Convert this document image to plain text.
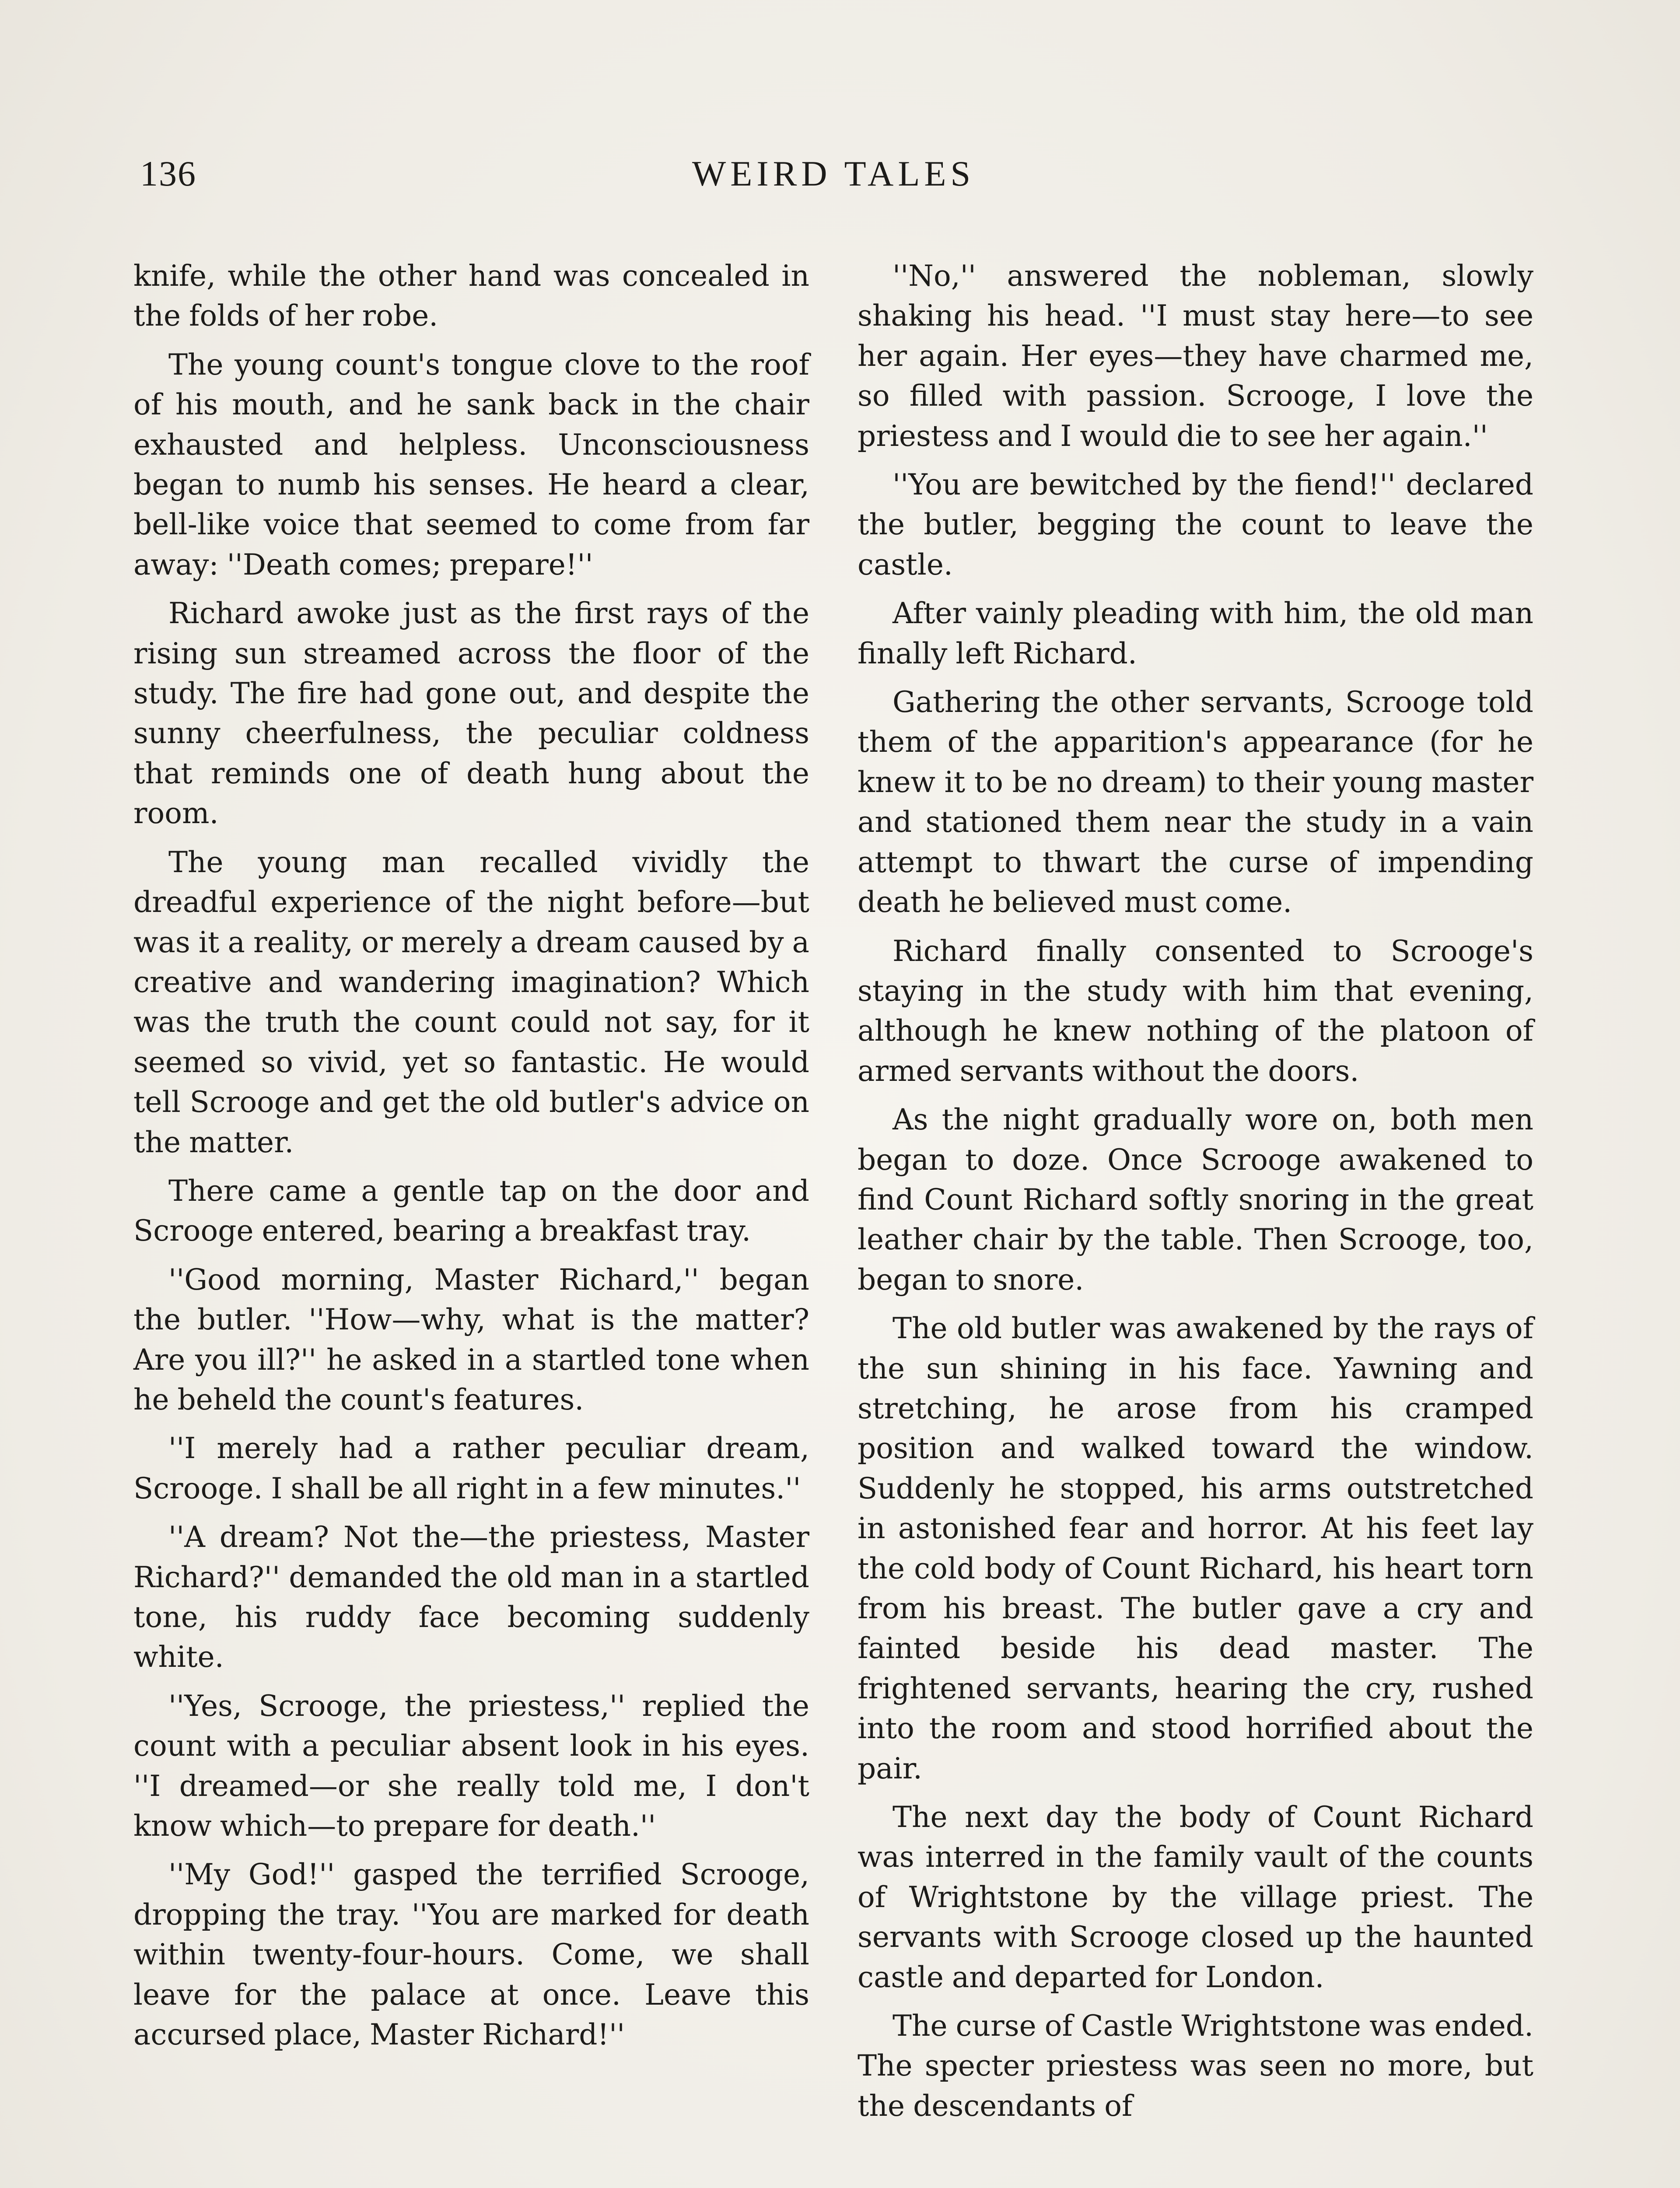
136	WEIRD TALES

knife, while the other hand was concealed in the folds of her robe.

The young count's tongue clove to the roof of his mouth, and he sank back in the chair exhausted and helpless. Unconsciousness began to numb his senses. He heard a clear, bell-like voice that seemed to come from far away: ''Death comes; prepare!''

Richard awoke just as the first rays of the rising sun streamed across the floor of the study. The fire had gone out, and despite the sunny cheerfulness, the peculiar coldness that reminds one of death hung about the room.

The young man recalled vividly the dreadful experience of the night before—but was it a reality, or merely a dream caused by a creative and wandering imagination? Which was the truth the count could not say, for it seemed so vivid, yet so fantastic. He would tell Scrooge and get the old butler's advice on the matter.

There came a gentle tap on the door and Scrooge entered, bearing a breakfast tray.

''Good morning, Master Richard,'' began the butler. ''How—why, what is the matter? Are you ill?'' he asked in a startled tone when he beheld the count's features.

''I merely had a rather peculiar dream, Scrooge. I shall be all right in a few minutes.''

''A dream? Not the—the priestess, Master Richard?'' demanded the old man in a startled tone, his ruddy face becoming suddenly white.

''Yes, Scrooge, the priestess,'' replied the count with a peculiar absent look in his eyes. ''I dreamed—or she really told me, I don't know which—to prepare for death.''

''My God!'' gasped the terrified Scrooge, dropping the tray. ''You are marked for death within twenty-four-hours. Come, we shall leave for the palace at once. Leave this accursed place, Master Richard!''

''No,'' answered the nobleman, slowly shaking his head. ''I must stay here—to see her again. Her eyes—they have charmed me, so filled with passion. Scrooge, I love the priestess and I would die to see her again.''

''You are bewitched by the fiend!'' declared the butler, begging the count to leave the castle.

After vainly pleading with him, the old man finally left Richard.

Gathering the other servants, Scrooge told them of the apparition's appearance (for he knew it to be no dream) to their young master and stationed them near the study in a vain attempt to thwart the curse of impending death he believed must come.

Richard finally consented to Scrooge's staying in the study with him that evening, although he knew nothing of the platoon of armed servants without the doors.

As the night gradually wore on, both men began to doze. Once Scrooge awakened to find Count Richard softly snoring in the great leather chair by the table. Then Scrooge, too, began to snore.

The old butler was awakened by the rays of the sun shining in his face. Yawning and stretching, he arose from his cramped position and walked toward the window. Suddenly he stopped, his arms outstretched in astonished fear and horror. At his feet lay the cold body of Count Richard, his heart torn from his breast. The butler gave a cry and fainted beside his dead master. The frightened servants, hearing the cry, rushed into the room and stood horrified about the pair.

The next day the body of Count Richard was interred in the family vault of the counts of Wrightstone by the village priest. The servants with Scrooge closed up the haunted castle and departed for London.

The curse of Castle Wrightstone was ended. The specter priestess was seen no more, but the descendants of
